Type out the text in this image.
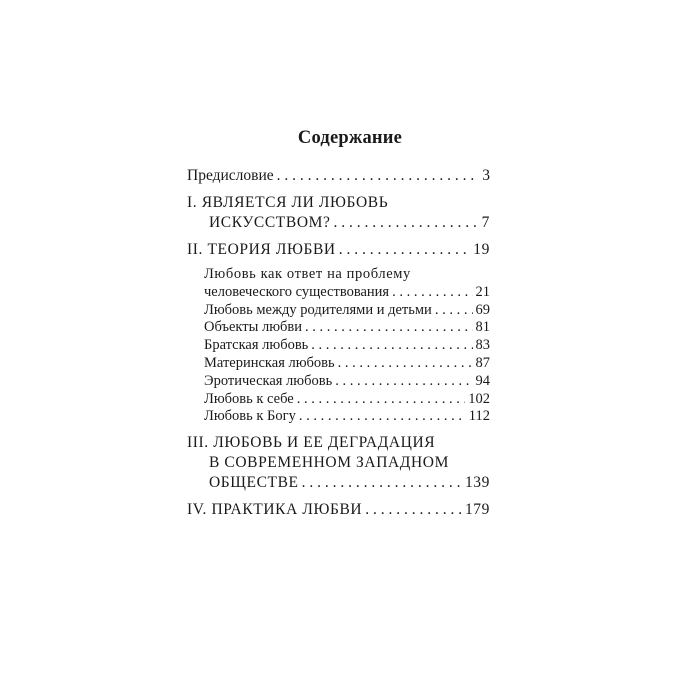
Содержание
Предисловие . . .	3
I. ЯВЛЯЕТСЯ ЛИ ЛЮБОВЬ
ИСКУССТВОМ? . . .	7
II. ТЕОРИЯ ЛЮБВИ . . .	19
Любовь как ответ на проблему
человеческого существования . . .	21
Любовь между родителями и детьми . . .	69
Объекты любви . . .	81
Братская любовь . . .	83
Материнская любовь . . .	87
Эротическая любовь . . .	94
Любовь к себе . . .	102
Любовь к Богу . . .	112
III. ЛЮБОВЬ И ЕЕ ДЕГРАДАЦИЯ
В СОВРЕМЕННОМ ЗАПАДНОМ
ОБЩЕСТВЕ . . .	139
IV. ПРАКТИКА ЛЮБВИ . . .	179
